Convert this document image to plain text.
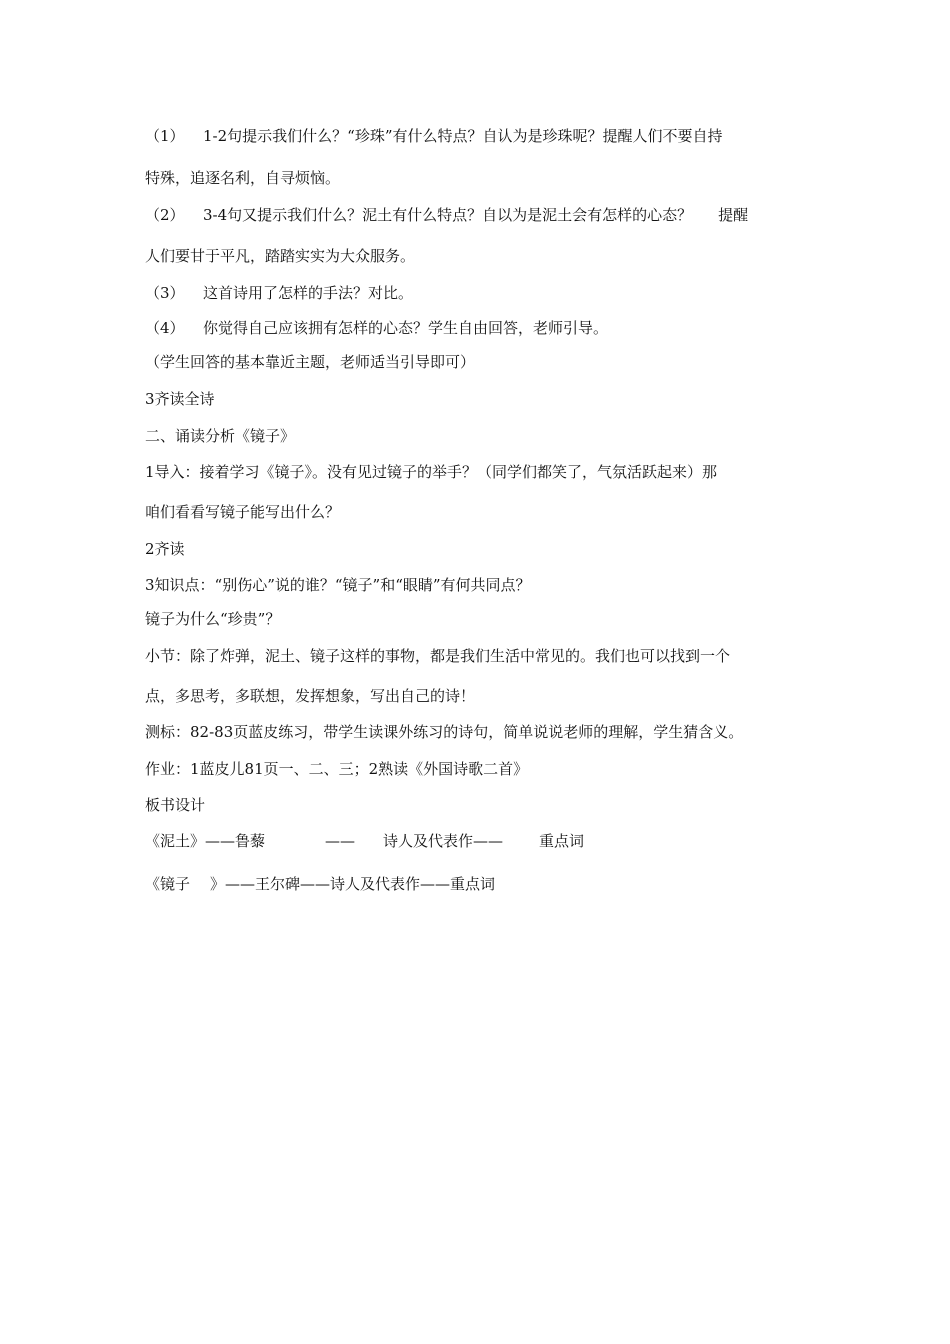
（1） 1-2句提示我们什么？“珍珠”有什么特点？自认为是珍珠呢？提醒人们不要自持
特殊，追逐名利，自寻烦恼。
（2） 3-4句又提示我们什么？泥土有什么特点？自以为是泥土会有怎样的心态？ 提醒
人们要甘于平凡，踏踏实实为大众服务。
（3） 这首诗用了怎样的手法？对比。
（4） 你觉得自己应该拥有怎样的心态？学生自由回答，老师引导。
（学生回答的基本靠近主题，老师适当引导即可）
3齐读全诗
二、诵读分析《镜子》
1导入：接着学习《镜子》。没有见过镜子的举手？（同学们都笑了，气氛活跃起来）那
咱们看看写镜子能写出什么？
2齐读
3知识点：“别伤心”说的谁？“镜子”和“眼睛”有何共同点？
镜子为什么“珍贵”？
小节：除了炸弹，泥土、镜子这样的事物，都是我们生活中常见的。我们也可以找到一个
点，多思考，多联想，发挥想象，写出自己的诗！
测标：82-83页蓝皮练习，带学生读课外练习的诗句，简单说说老师的理解，学生猜含义。
作业：1蓝皮儿81页一、二、三；2熟读《外国诗歌二首》
板书设计
《泥土》——鲁藜	—— 诗人及代表作—— 重点词
《镜子 》——王尔碑——诗人及代表作——重点词
